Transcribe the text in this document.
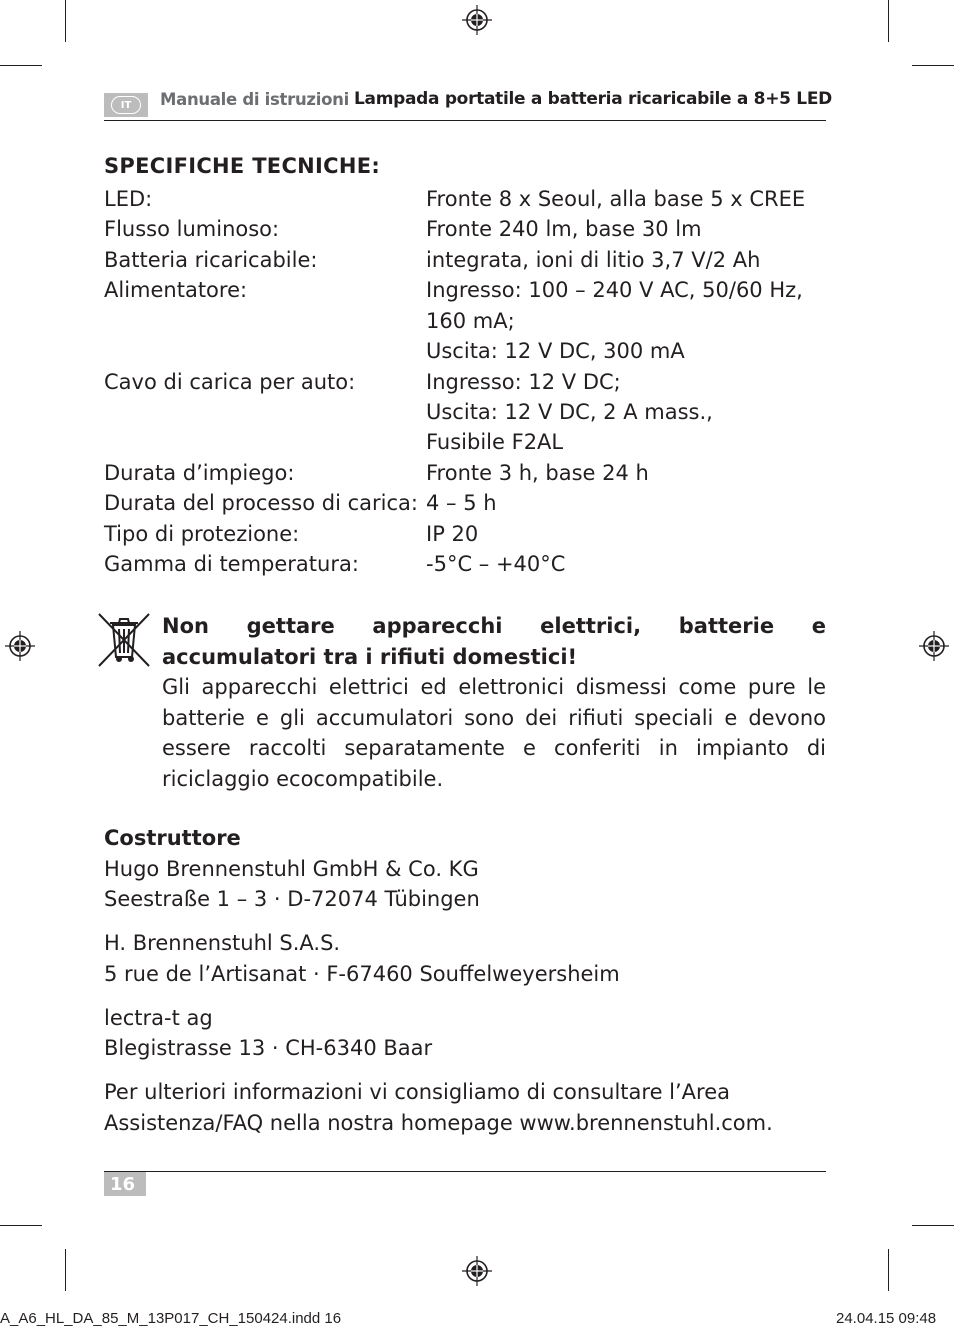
IT	Manuale di istruzioni Lampada portatile a batteria ricaricabile a 8+5 LED
SPECIFICHE TECNICHE:
LED:	Fronte 8 x Seoul, alla base 5 x CREE
Flusso luminoso:	Fronte 240 lm, base 30 lm
Batteria ricaricabile:	integrata, ioni di litio 3,7 V/2 Ah
Alimentatore:	Ingresso: 100 – 240 V AC, 50/60 Hz,
160 mA;
Uscita: 12 V DC, 300 mA
Cavo di carica per auto:	Ingresso: 12 V DC;
Uscita: 12 V DC, 2 A mass.,
Fusibile F2AL
Durata d’impiego:	Fronte 3 h, base 24 h
Durata del processo di carica: 4 – 5 h
Tipo di protezione:	IP 20
Gamma di temperatura:	-5°C – +40°C
Non gettare apparecchi elettrici, batterie e accumulatori tra i rifiuti domestici!
Gli apparecchi elettrici ed elettronici dismessi come pure le batterie e gli accumulatori sono dei rifiuti speciali e devono essere raccolti separatamente e conferiti in impianto di riciclaggio ecocompatibile.
Costruttore
Hugo Brennenstuhl GmbH & Co. KG
Seestraße 1 – 3 · D-72074 Tübingen
H. Brennenstuhl S.A.S.
5 rue de l’Artisanat · F-67460 Souffelweyersheim
lectra-t ag
Blegistrasse 13 · CH-6340 Baar
Per ulteriori informazioni vi consigliamo di consultare l’Area
Assistenza/FAQ nella nostra homepage www.brennenstuhl.com.
16
A_A6_HL_DA_85_M_13P017_CH_150424.indd 16	24.04.15 09:48
